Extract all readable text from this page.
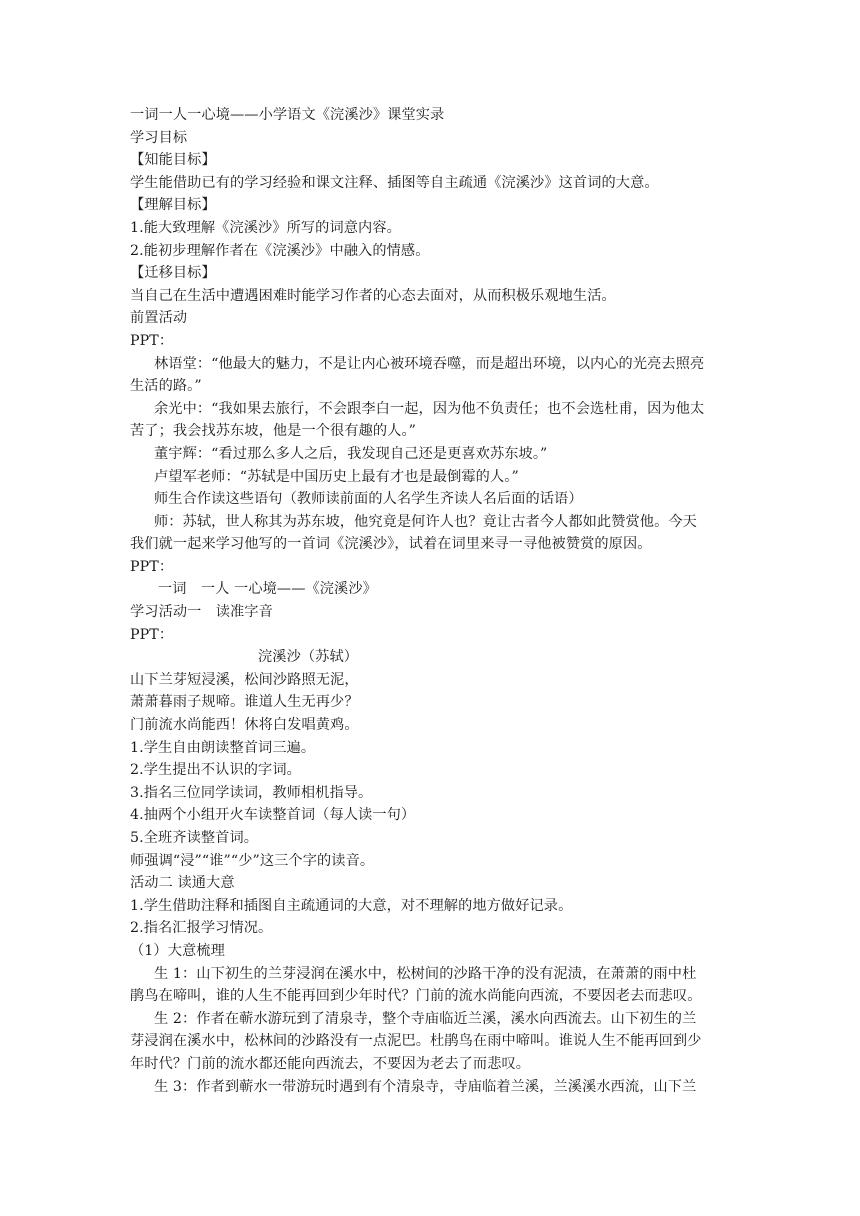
一词一人一心境——小学语文《浣溪沙》课堂实录
学习目标
【知能目标】
学生能借助已有的学习经验和课文注释、插图等自主疏通《浣溪沙》这首词的大意。
【理解目标】
1.能大致理解《浣溪沙》所写的词意内容。
2.能初步理解作者在《浣溪沙》中融入的情感。
【迁移目标】
当自己在生活中遭遇困难时能学习作者的心态去面对，从而积极乐观地生活。
前置活动
PPT：
林语堂：“他最大的魅力，不是让内心被环境吞噬，而是超出环境，以内心的光亮去照亮
生活的路。”
余光中：“我如果去旅行，不会跟李白一起，因为他不负责任；也不会选杜甫，因为他太
苦了；我会找苏东坡，他是一个很有趣的人。”
董宇辉：“看过那么多人之后，我发现自己还是更喜欢苏东坡。”
卢望军老师：“苏轼是中国历史上最有才也是最倒霉的人。”
师生合作读这些语句（教师读前面的人名学生齐读人名后面的话语）
师：苏轼，世人称其为苏东坡，他究竟是何许人也？竟让古者今人都如此赞赏他。今天
我们就一起来学习他写的一首词《浣溪沙》，试着在词里来寻一寻他被赞赏的原因。
PPT：
一词　一人 一心境——《浣溪沙》
学习活动一　读准字音
PPT：
浣溪沙（苏轼）
山下兰芽短浸溪，松间沙路照无泥，
萧萧暮雨子规啼。谁道人生无再少？
门前流水尚能西！休将白发唱黄鸡。
1.学生自由朗读整首词三遍。
2.学生提出不认识的字词。
3.指名三位同学读词，教师相机指导。
4.抽两个小组开火车读整首词（每人读一句）
5.全班齐读整首词。
师强调“浸”“谁”“少”这三个字的读音。
活动二 读通大意
1.学生借助注释和插图自主疏通词的大意，对不理解的地方做好记录。
2.指名汇报学习情况。
（1）大意梳理
生 1：山下初生的兰芽浸润在溪水中，松树间的沙路干净的没有泥渍，在萧萧的雨中杜
鹃鸟在啼叫，谁的人生不能再回到少年时代？门前的流水尚能向西流，不要因老去而悲叹。
生 2：作者在蕲水游玩到了清泉寺，整个寺庙临近兰溪，溪水向西流去。山下初生的兰
芽浸润在溪水中，松林间的沙路没有一点泥巴。杜鹃鸟在雨中啼叫。谁说人生不能再回到少
年时代？门前的流水都还能向西流去，不要因为老去了而悲叹。
生 3：作者到蕲水一带游玩时遇到有个清泉寺，寺庙临着兰溪，兰溪溪水西流，山下兰
